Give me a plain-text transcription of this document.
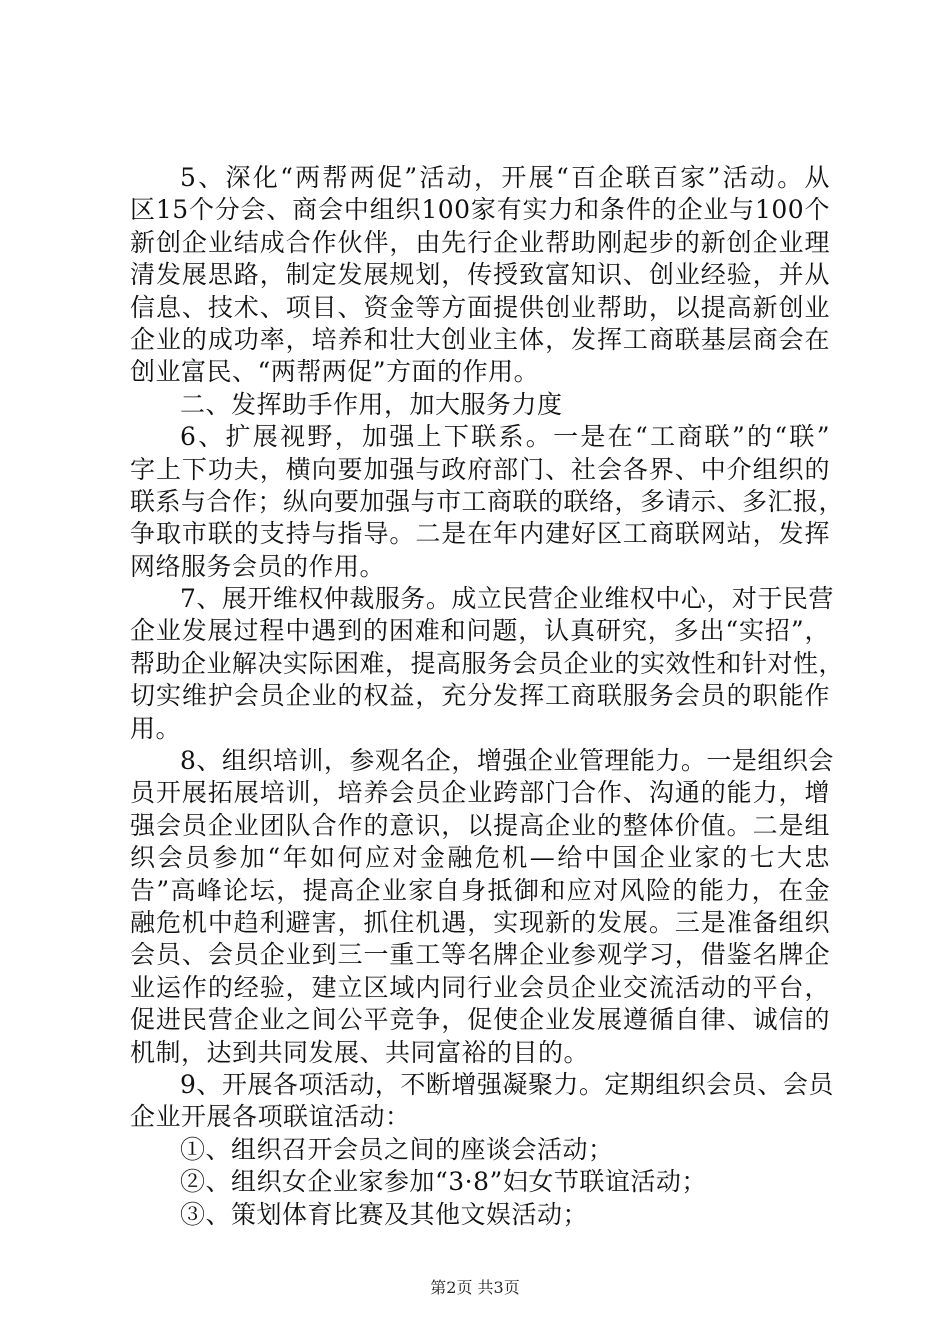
5、深化“两帮两促”活动，开展“百企联百家”活动。从
区15个分会、商会中组织100家有实力和条件的企业与100个
新创企业结成合作伙伴，由先行企业帮助刚起步的新创企业理
清发展思路，制定发展规划，传授致富知识、创业经验，并从
信息、技术、项目、资金等方面提供创业帮助，以提高新创业
企业的成功率，培养和壮大创业主体，发挥工商联基层商会在
创业富民、“两帮两促”方面的作用。
二、发挥助手作用，加大服务力度
6、扩展视野，加强上下联系。一是在“工商联”的“联”
字上下功夫，横向要加强与政府部门、社会各界、中介组织的
联系与合作；纵向要加强与市工商联的联络，多请示、多汇报，
争取市联的支持与指导。二是在年内建好区工商联网站，发挥
网络服务会员的作用。
7、展开维权仲裁服务。成立民营企业维权中心，对于民营
企业发展过程中遇到的困难和问题，认真研究，多出“实招”，
帮助企业解决实际困难，提高服务会员企业的实效性和针对性，
切实维护会员企业的权益，充分发挥工商联服务会员的职能作
用。
8、组织培训，参观名企，增强企业管理能力。一是组织会
员开展拓展培训，培养会员企业跨部门合作、沟通的能力，增
强会员企业团队合作的意识，以提高企业的整体价值。二是组
织会员参加“年如何应对金融危机—给中国企业家的七大忠
告”高峰论坛，提高企业家自身抵御和应对风险的能力，在金
融危机中趋利避害，抓住机遇，实现新的发展。三是准备组织
会员、会员企业到三一重工等名牌企业参观学习，借鉴名牌企
业运作的经验，建立区域内同行业会员企业交流活动的平台，
促进民营企业之间公平竞争，促使企业发展遵循自律、诚信的
机制，达到共同发展、共同富裕的目的。
9、开展各项活动，不断增强凝聚力。定期组织会员、会员
企业开展各项联谊活动：
①、组织召开会员之间的座谈会活动；
②、组织女企业家参加“3·8”妇女节联谊活动；
③、策划体育比赛及其他文娱活动；
第2页 共3页
